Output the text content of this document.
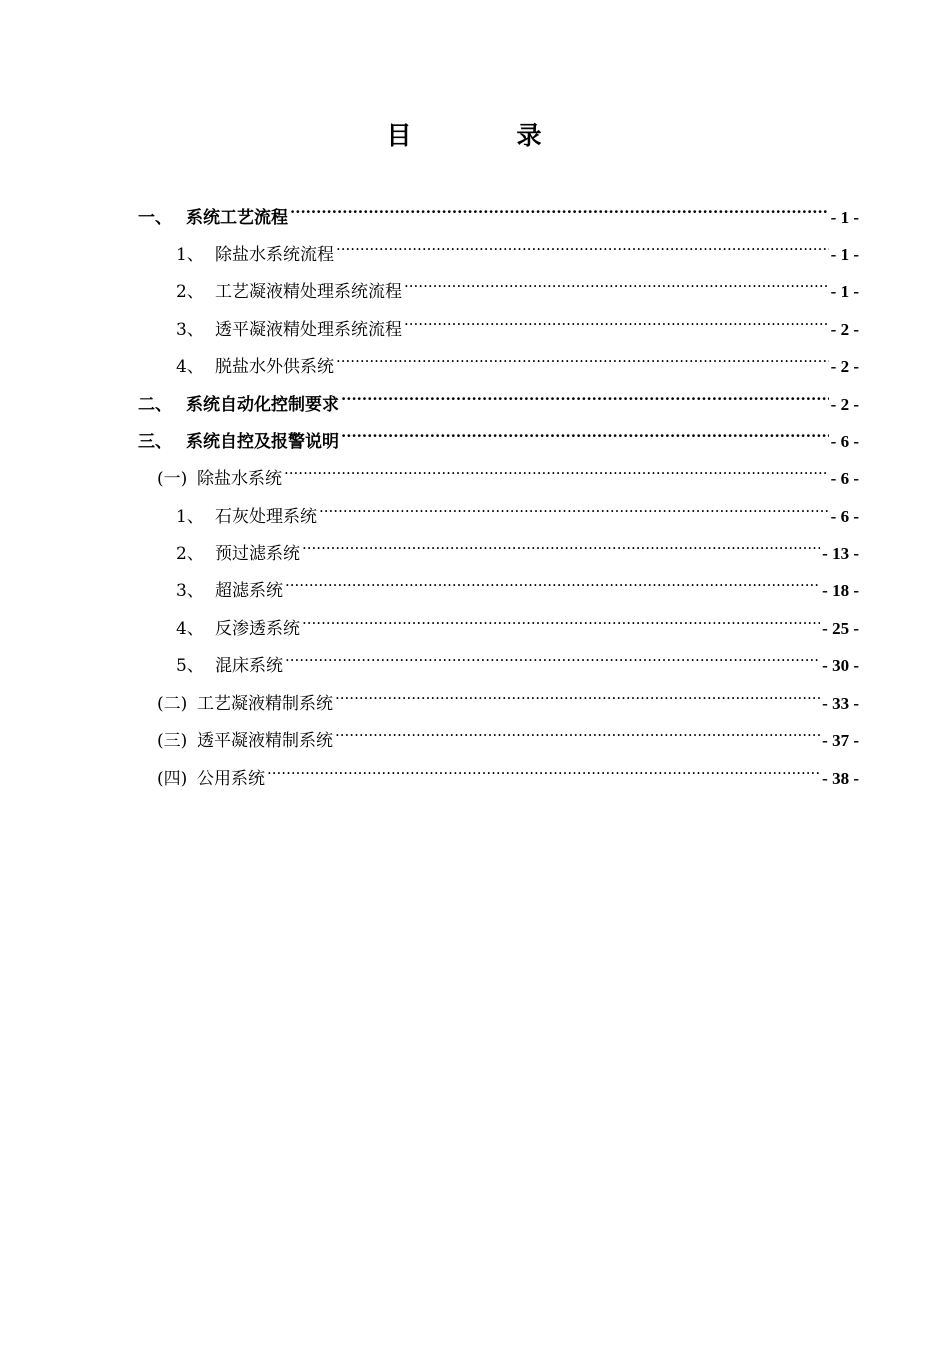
目　录
一、 系统工艺流程 .....	- 1 -
1、 除盐水系统流程 .....	- 1 -
2、 工艺凝液精处理系统流程 .....	- 1 -
3、 透平凝液精处理系统流程 .....	- 2 -
4、 脱盐水外供系统 .....	- 2 -
二、 系统自动化控制要求 .....	- 2 -
三、 系统自控及报警说明 .....	- 6 -
(一) 除盐水系统 .....	- 6 -
1、 石灰处理系统 .....	- 6 -
2、 预过滤系统 .....	- 13 -
3、 超滤系统 .....	- 18 -
4、 反渗透系统 .....	- 25 -
5、 混床系统 .....	- 30 -
(二) 工艺凝液精制系统 .....	- 33 -
(三) 透平凝液精制系统 .....	- 37 -
(四) 公用系统 .....	- 38 -
